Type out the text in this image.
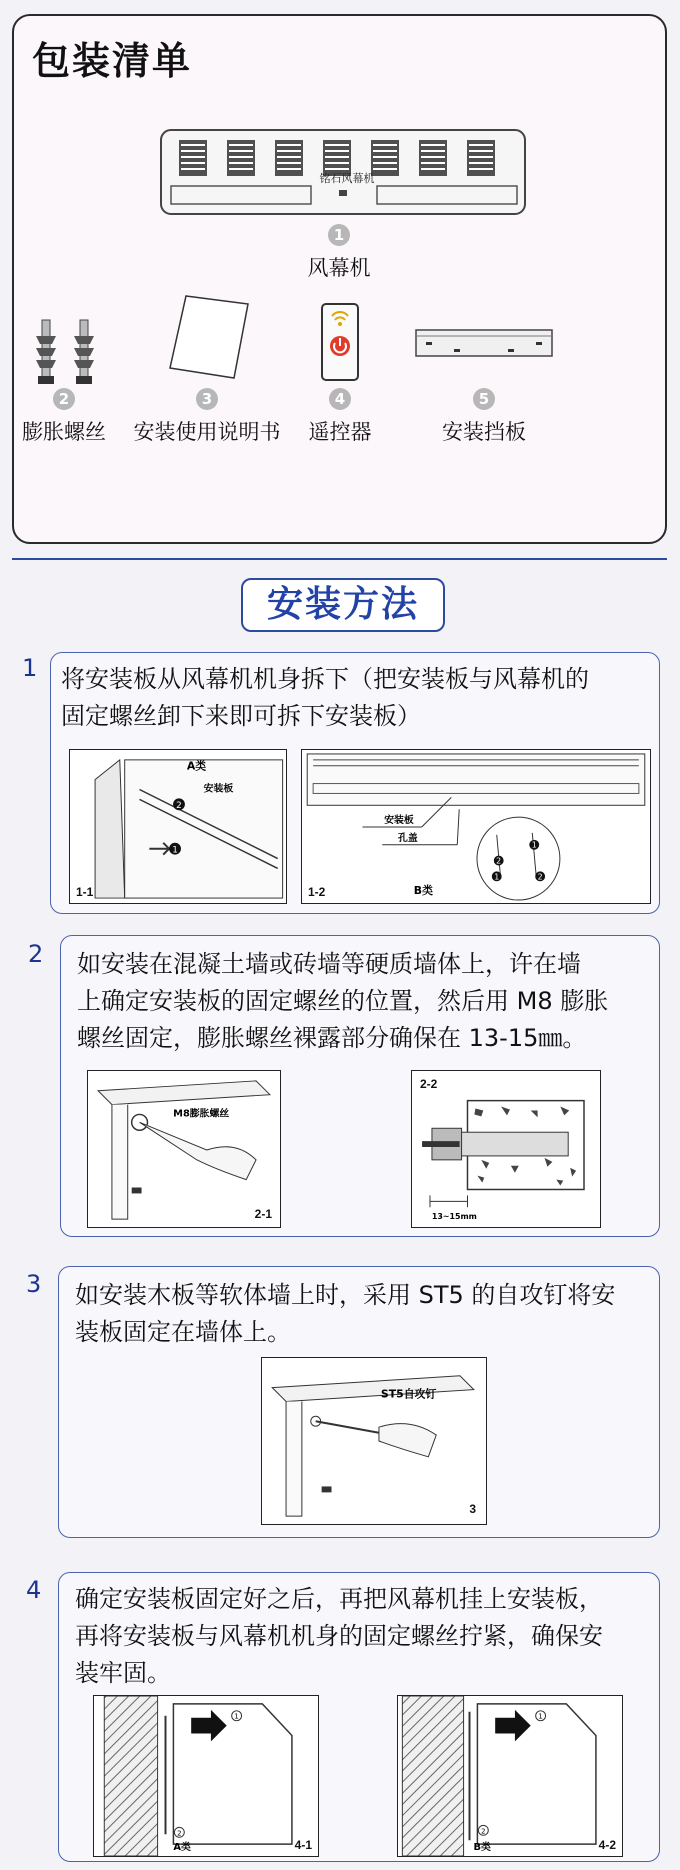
包装清单
铭石风幕机
1
风幕机
2
膨胀螺丝
3
安装使用说明书
4
遥控器
5
安装挡板
安装方法
1 将安装板从风幕机机身拆下（把安装板与风幕机的
固定螺丝卸下来即可拆下安装板）
1
2
A类
安装板
1-1
2
1
1	2
安装板
孔盖
B类
1-2
2 如安装在混凝土墙或砖墙等硬质墙体上，许在墙
上确定安装板的固定螺丝的位置，然后用 M8 膨胀
螺丝固定，膨胀螺丝裸露部分确保在 13-15㎜。
M8膨胀螺丝
2-1	13~15mm
2-2
3 如安装木板等软体墙上时，采用 ST5 的自攻钉将安
装板固定在墙体上。
ST5自攻钉
3
4 确定安装板固定好之后，再把风幕机挂上安装板，
再将安装板与风幕机机身的固定螺丝拧紧，确保安
装牢固。
1
2
A类	4-1
1
2
B类	4-2
